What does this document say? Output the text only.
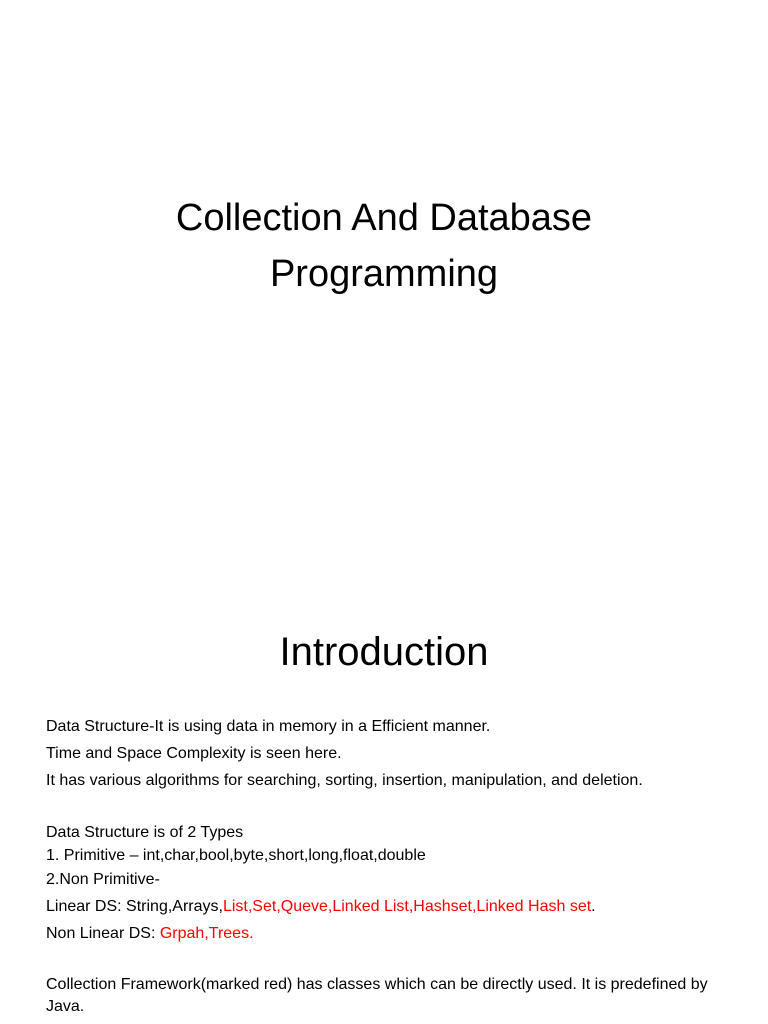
Collection And Database
Programming
Introduction
Data Structure-It is using data in memory in a Efficient manner.
Time and Space Complexity is seen here.
It has various algorithms for searching, sorting, insertion, manipulation, and deletion.
Data Structure is of 2 Types
1. Primitive – int,char,bool,byte,short,long,float,double
2.Non Primitive-
Linear DS: String,Arrays,List,Set,Queve,Linked List,Hashset,Linked Hash set.
Non Linear DS: Grpah,Trees.
Collection Framework(marked red) has classes which can be directly used. It is predefined by Java.
